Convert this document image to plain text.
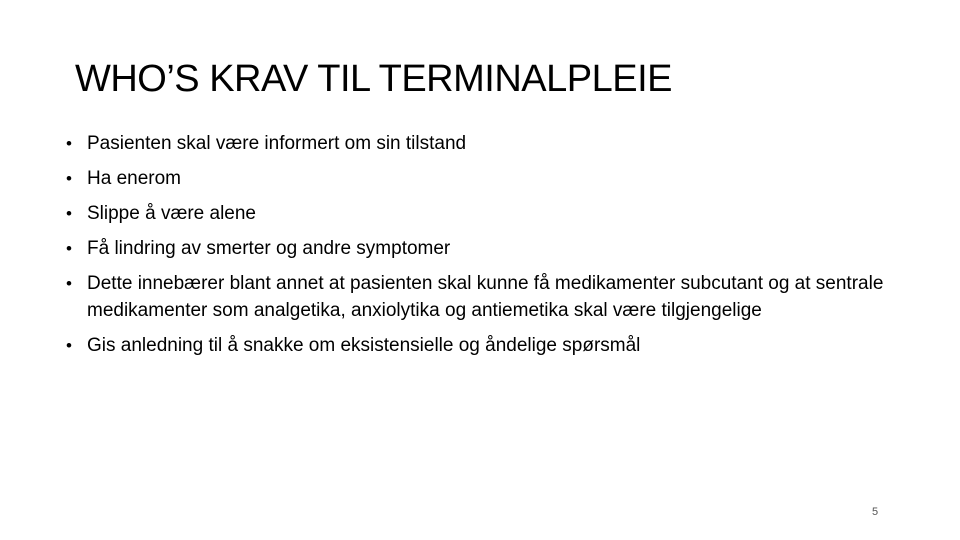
WHO’S KRAV TIL TERMINALPLEIE
• Pasienten skal være informert om sin tilstand
• Ha enerom
• Slippe å være alene
• Få lindring av smerter og andre symptomer
• Dette innebærer blant annet at pasienten skal kunne få medikamenter subcutant og at sentrale medikamenter som analgetika, anxiolytika og antiemetika skal være tilgjengelige
• Gis anledning til å snakke om eksistensielle og åndelige spørsmål
5
